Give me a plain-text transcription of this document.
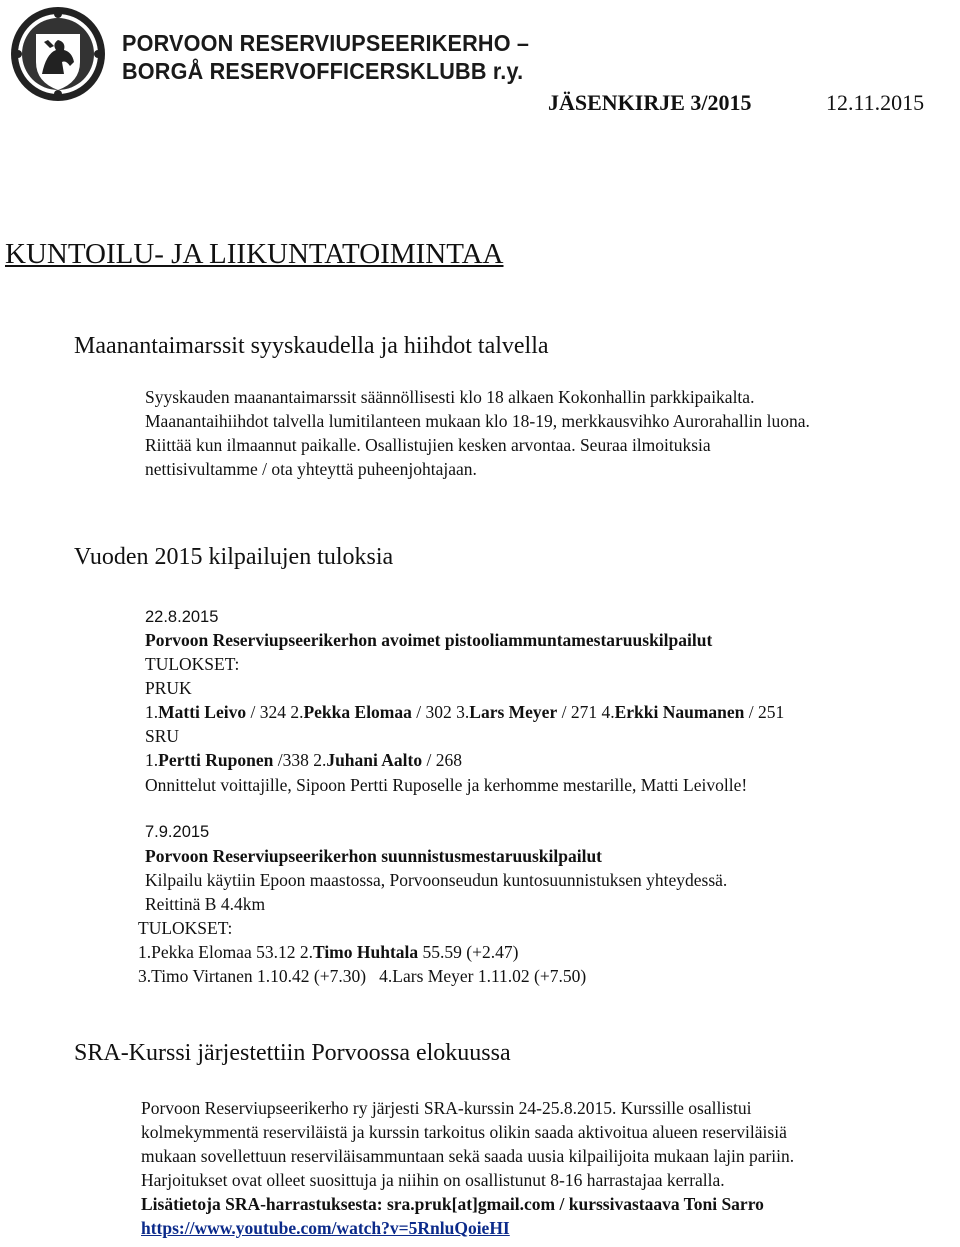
PORVOON RESERVIUPSEERIKERHO –
BORGÅ RESERVOFFICERSKLUBB r.y.
JÄSENKIRJE 3/2015	12.11.2015
KUNTOILU- JA LIIKUNTATOIMINTAA
Maanantaimarssit syyskaudella ja hiihdot talvella
Syyskauden maanantaimarssit säännöllisesti klo 18 alkaen Kokonhallin parkkipaikalta.
Maanantaihiihdot talvella lumitilanteen mukaan klo 18-19, merkkausvihko Aurorahallin luona.
Riittää kun ilmaannut paikalle. Osallistujien kesken arvontaa. Seuraa ilmoituksia
nettisivultamme / ota yhteyttä puheenjohtajaan.
Vuoden 2015 kilpailujen tuloksia
22.8.2015
Porvoon Reserviupseerikerhon avoimet pistooliammuntamestaruuskilpailut
TULOKSET:
PRUK
1.Matti Leivo / 324 2.Pekka Elomaa / 302 3.Lars Meyer / 271 4.Erkki Naumanen / 251
SRU
1.Pertti Ruponen /338 2.Juhani Aalto / 268
Onnittelut voittajille, Sipoon Pertti Ruposelle ja kerhomme mestarille, Matti Leivolle!
7.9.2015
Porvoon Reserviupseerikerhon suunnistusmestaruuskilpailut
Kilpailu käytiin Epoon maastossa, Porvoonseudun kuntosuunnistuksen yhteydessä.
Reittinä B 4.4km
TULOKSET:
1.Pekka Elomaa 53.12 2.Timo Huhtala 55.59 (+2.47)
3.Timo Virtanen 1.10.42 (+7.30)   4.Lars Meyer 1.11.02 (+7.50)
SRA-Kurssi järjestettiin Porvoossa elokuussa
Porvoon Reserviupseerikerho ry järjesti SRA-kurssin 24-25.8.2015. Kurssille osallistui
kolmekymmentä reserviläistä ja kurssin tarkoitus olikin saada aktivoitua alueen reserviläisiä
mukaan sovellettuun reserviläisammuntaan sekä saada uusia kilpailijoita mukaan lajin pariin.
Harjoitukset ovat olleet suosittuja ja niihin on osallistunut 8-16 harrastajaa kerralla.
Lisätietoja SRA-harrastuksesta: sra.pruk[at]gmail.com / kurssivastaava Toni Sarro
https://www.youtube.com/watch?v=5RnluQoieHI
